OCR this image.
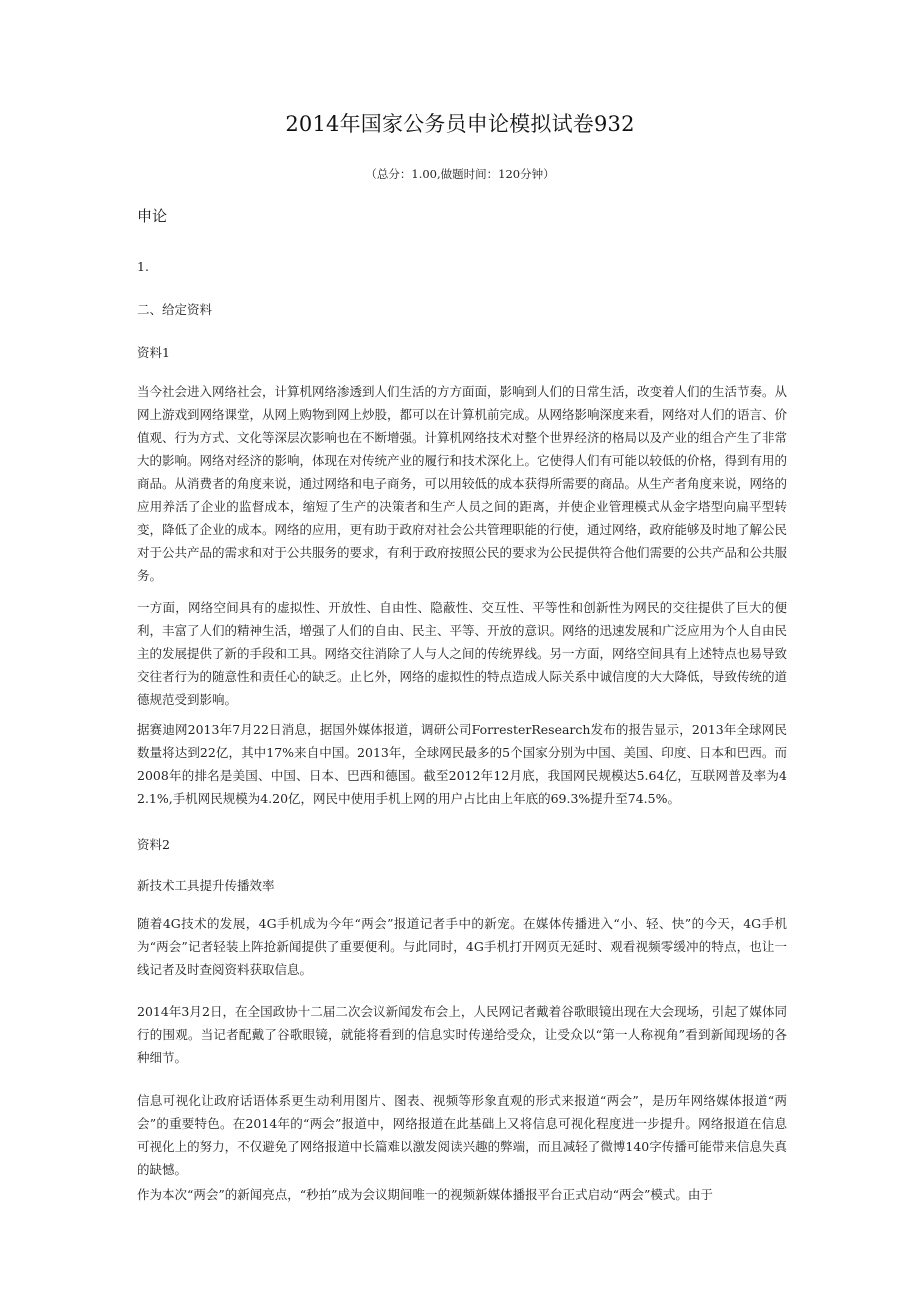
2014年国家公务员申论模拟试卷932
（总分：1.00,做题时间：120分钟）
申论
1.
二、给定资料
资料1
当今社会进入网络社会，计算机网络渗透到人们生活的方方面面，影响到人们的日常生活，改变着人们的生活节奏。从网上游戏到网络课堂，从网上购物到网上炒股，都可以在计算机前完成。从网络影响深度来看，网络对人们的语言、价值观、行为方式、文化等深层次影响也在不断增强。计算机网络技术对整个世界经济的格局以及产业的组合产生了非常大的影响。网络对经济的影响，体现在对传统产业的履行和技术深化上。它使得人们有可能以较低的价格，得到有用的商品。从消费者的角度来说，通过网络和电子商务，可以用较低的成本获得所需要的商品。从生产者角度来说，网络的应用养活了企业的监督成本，缩短了生产的决策者和生产人员之间的距离，并使企业管理模式从金字塔型向扁平型转变，降低了企业的成本。网络的应用，更有助于政府对社会公共管理职能的行使，通过网络，政府能够及时地了解公民对于公共产品的需求和对于公共服务的要求，有利于政府按照公民的要求为公民提供符合他们需要的公共产品和公共服务。
一方面，网络空间具有的虚拟性、开放性、自由性、隐蔽性、交互性、平等性和创新性为网民的交往提供了巨大的便利，丰富了人们的精神生活，增强了人们的自由、民主、平等、开放的意识。网络的迅速发展和广泛应用为个人自由民主的发展提供了新的手段和工具。网络交往消除了人与人之间的传统界线。另一方面，网络空间具有上述特点也易导致交往者行为的随意性和责任心的缺乏。止匕外，网络的虚拟性的特点造成人际关系中诚信度的大大降低，导致传统的道德规范受到影响。
据赛迪网2013年7月22日消息，据国外媒体报道，调研公司ForresterResearch发布的报告显示，2013年全球网民数量将达到22亿，其中17%来自中国。2013年，全球网民最多的5个国家分别为中国、美国、印度、日本和巴西。而2008年的排名是美国、中国、日本、巴西和德国。截至2012年12月底，我国网民规模达5.64亿，互联网普及率为42.1%,手机网民规模为4.20亿，网民中使用手机上网的用户占比由上年底的69.3%提升至74.5%。
资料2
新技术工具提升传播效率
随着4G技术的发展，4G手机成为今年“两会”报道记者手中的新宠。在媒体传播进入“小、轻、快”的今天，4G手机为“两会”记者轻装上阵抢新闻提供了重要便利。与此同时，4G手机打开网页无延时、观看视频零缓冲的特点，也让一线记者及时查阅资料获取信息。
2014年3月2日，在全国政协十二届二次会议新闻发布会上，人民网记者戴着谷歌眼镜出现在大会现场，引起了媒体同行的围观。当记者配戴了谷歌眼镜，就能将看到的信息实时传递给受众，让受众以“第一人称视角”看到新闻现场的各种细节。
信息可视化让政府话语体系更生动利用图片、图表、视频等形象直观的形式来报道“两会”，是历年网络媒体报道“两会”的重要特色。在2014年的“两会”报道中，网络报道在此基础上又将信息可视化程度进一步提升。网络报道在信息可视化上的努力，不仅避免了网络报道中长篇难以激发阅读兴趣的弊端，而且减轻了微博140字传播可能带来信息失真的缺憾。
作为本次“两会”的新闻亮点，“秒拍”成为会议期间唯一的视频新媒体播报平台正式启动“两会”模式。由于
